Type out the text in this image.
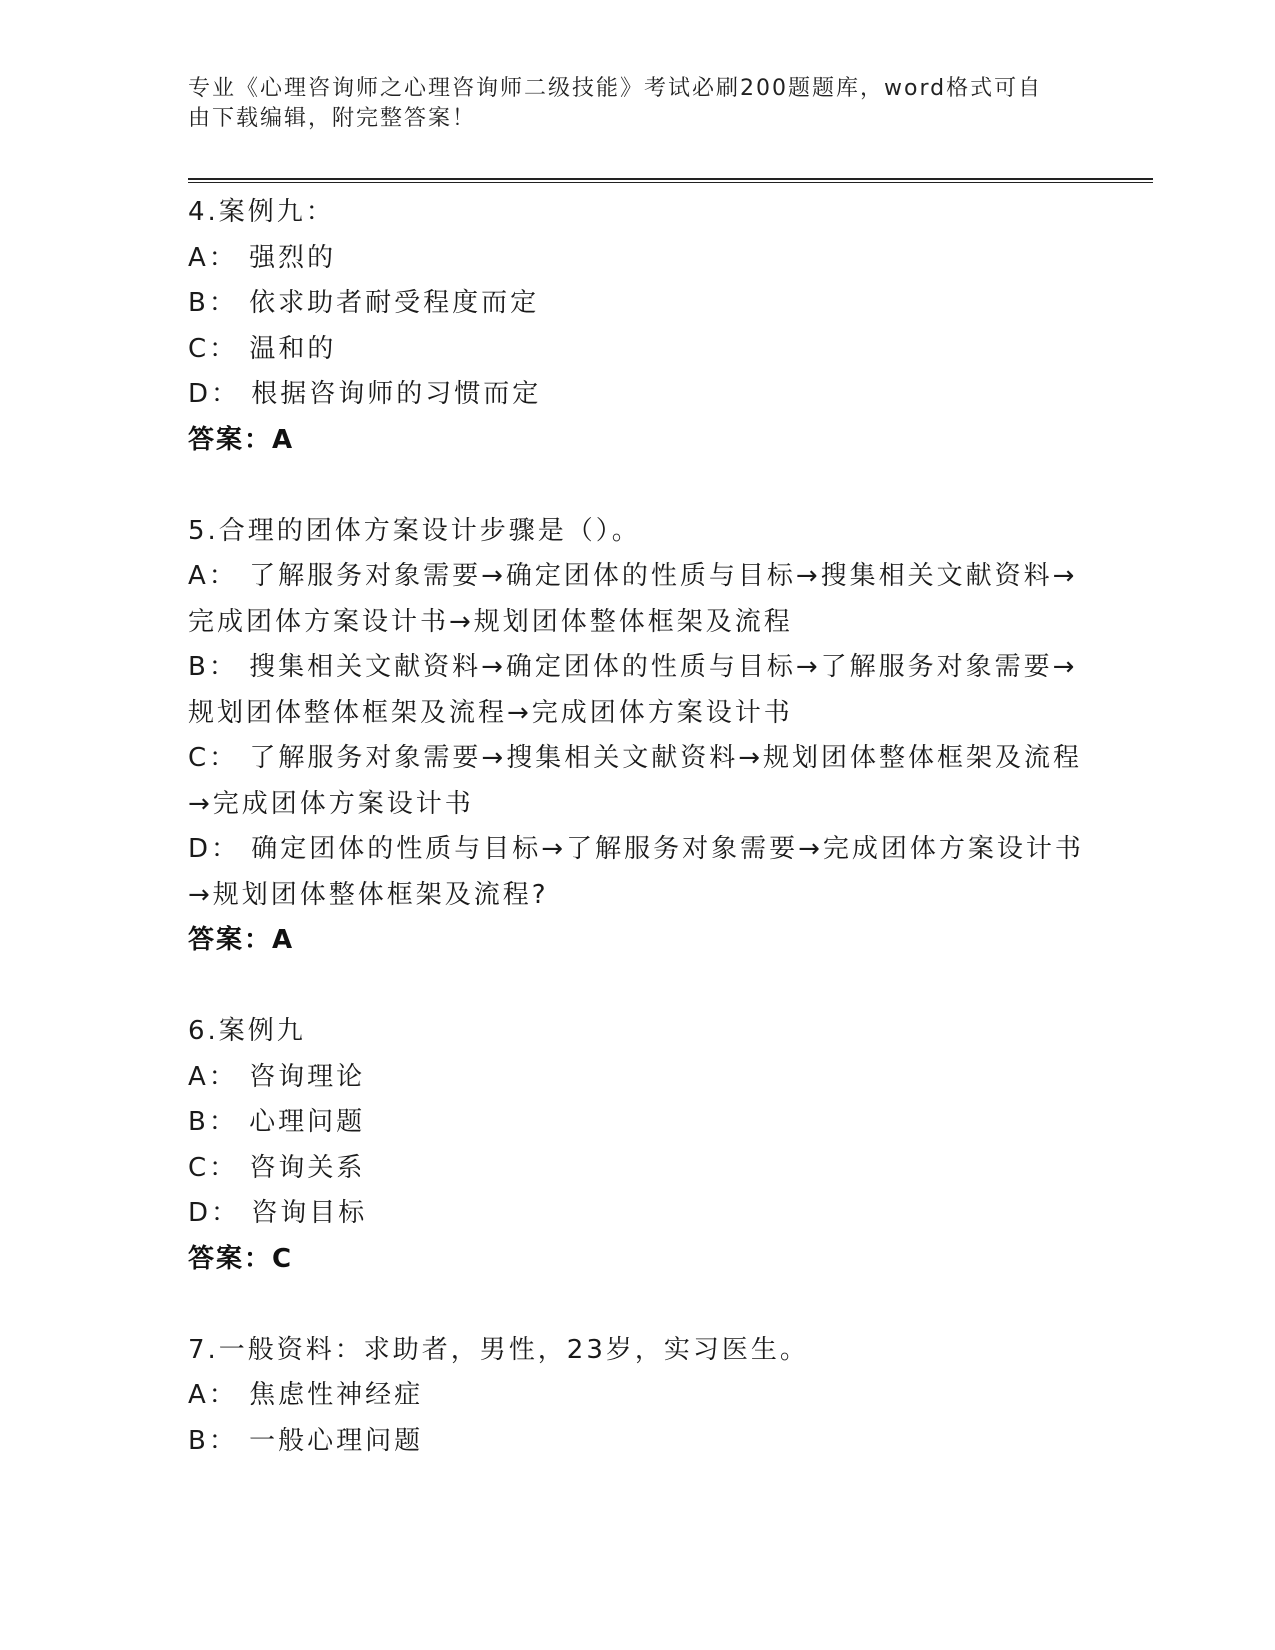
专业《心理咨询师之心理咨询师二级技能》考试必刷200题题库，word格式可自
由下载编辑，附完整答案！
4.案例九：
A： 强烈的
B： 依求助者耐受程度而定
C： 温和的
D： 根据咨询师的习惯而定
答案：A
5.合理的团体方案设计步骤是（）。
A： 了解服务对象需要→确定团体的性质与目标→搜集相关文献资料→
完成团体方案设计书→规划团体整体框架及流程
B： 搜集相关文献资料→确定团体的性质与目标→了解服务对象需要→
规划团体整体框架及流程→完成团体方案设计书
C： 了解服务对象需要→搜集相关文献资料→规划团体整体框架及流程
→完成团体方案设计书
D： 确定团体的性质与目标→了解服务对象需要→完成团体方案设计书
→规划团体整体框架及流程?
答案：A
6.案例九
A： 咨询理论
B： 心理问题
C： 咨询关系
D： 咨询目标
答案：C
7.一般资料：求助者，男性，23岁，实习医生。
A： 焦虑性神经症
B： 一般心理问题
